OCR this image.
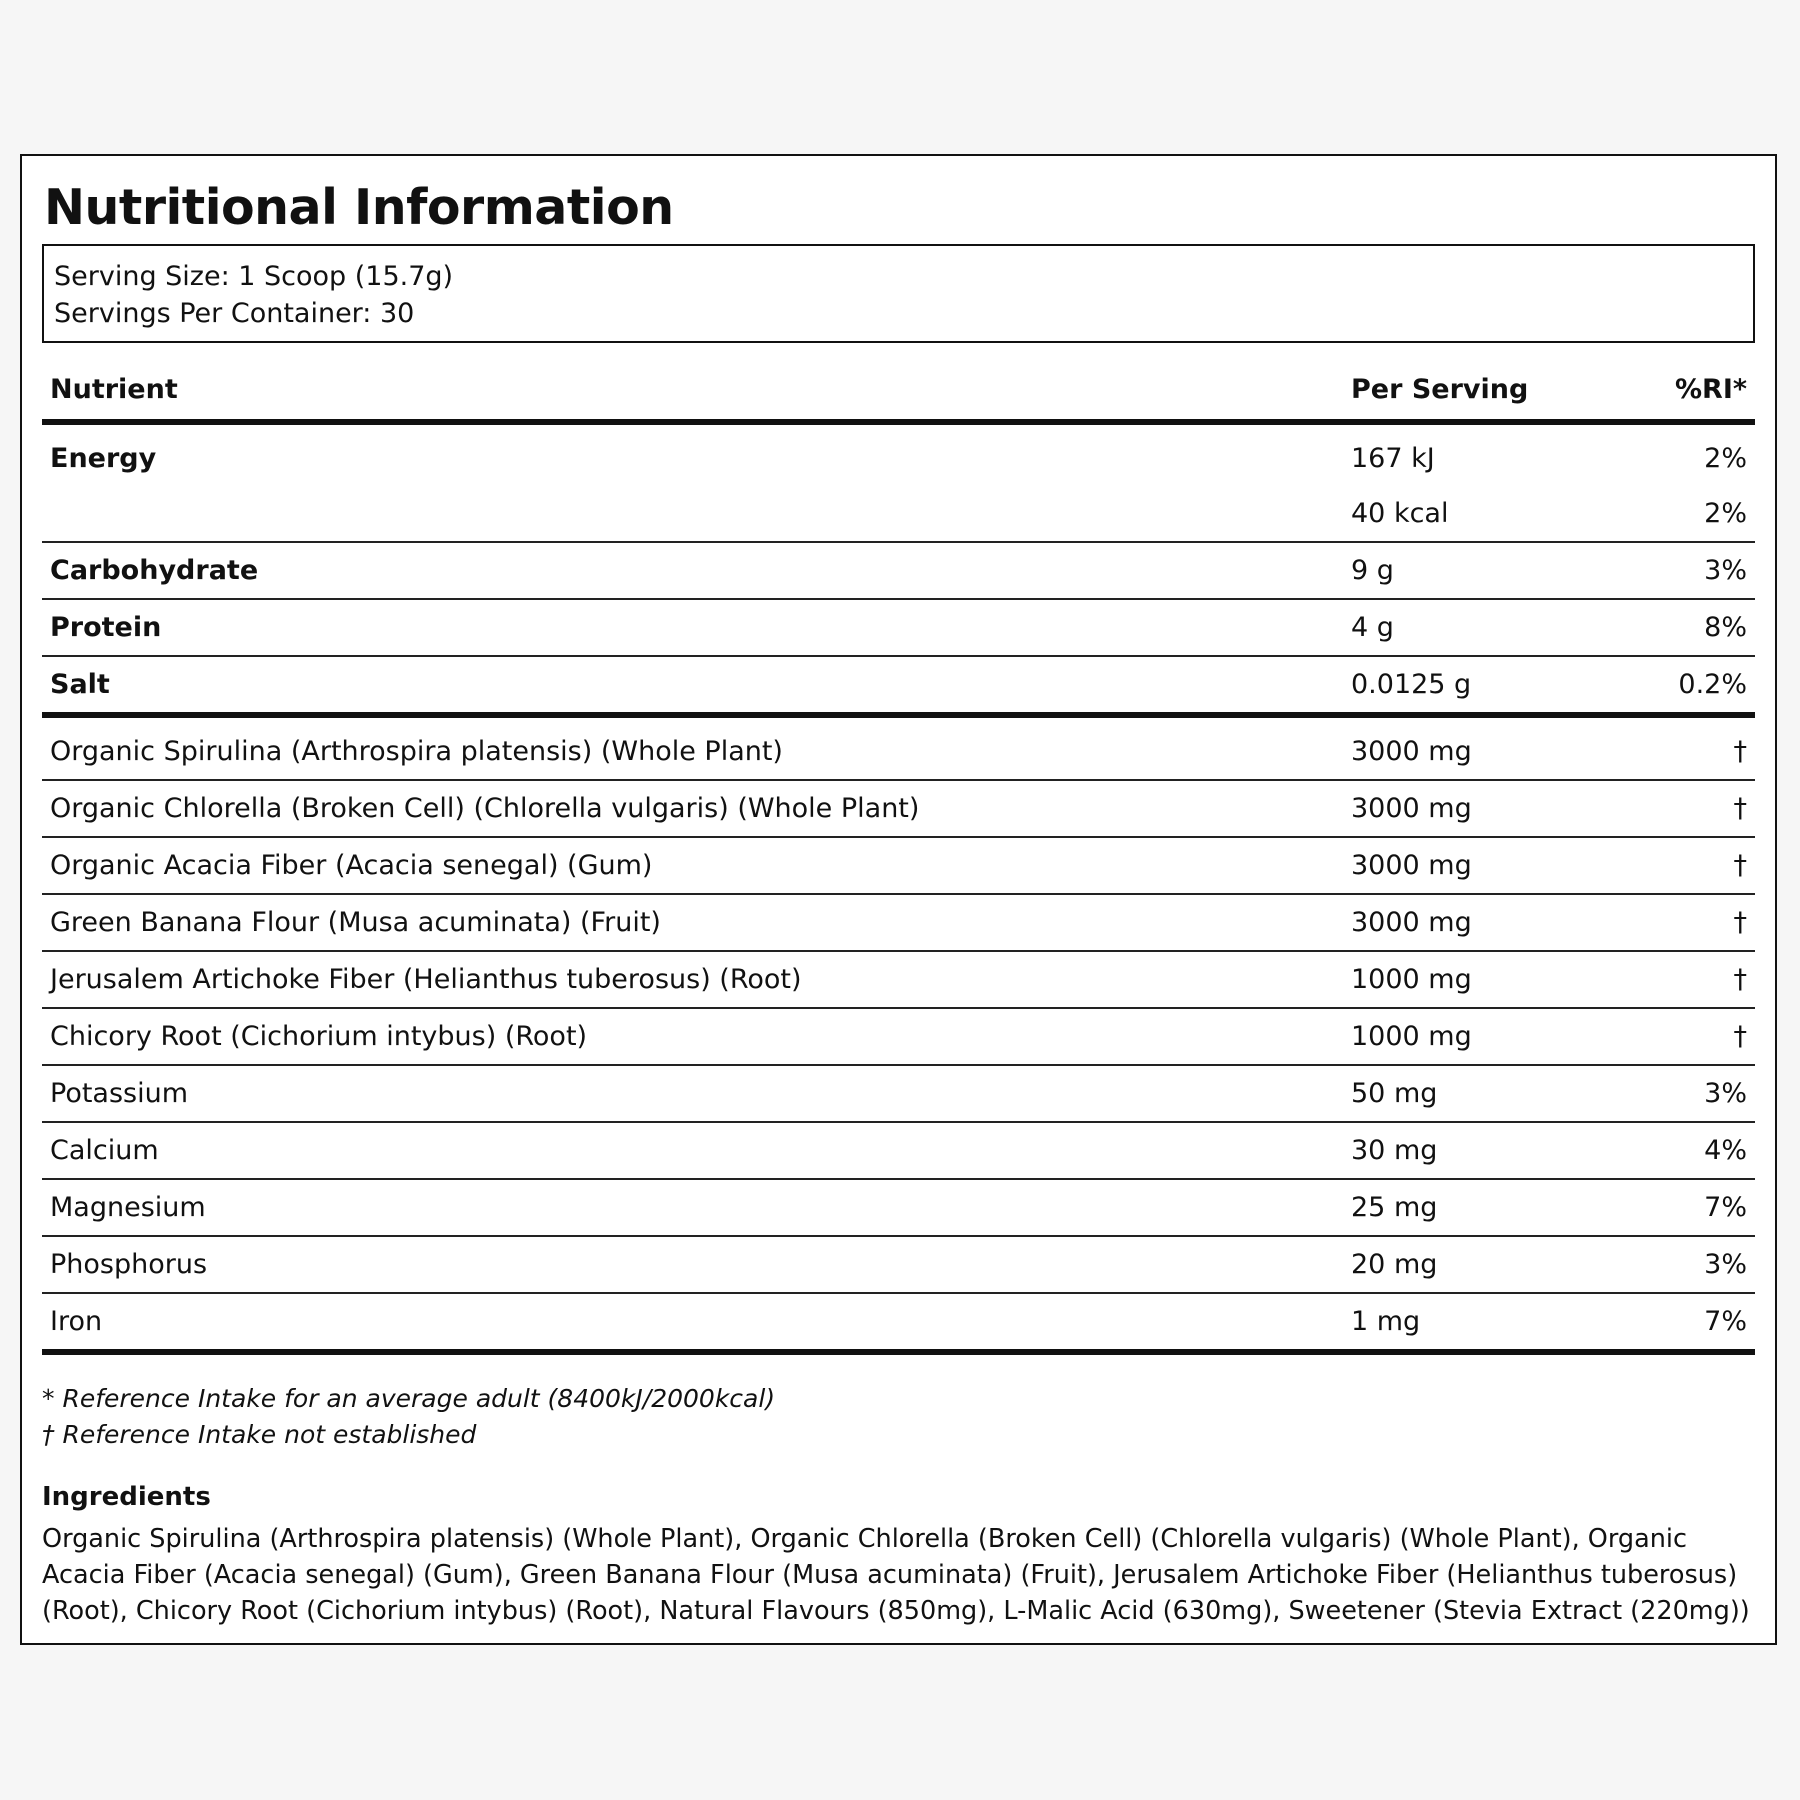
Nutritional Information
Serving Size: 1 Scoop (15.7g)
Servings Per Container: 30
Nutrient	Per Serving	%RI*
Energy	167 kJ	2%
	40 kcal	2%
Carbohydrate	9 g	3%
Protein	4 g	8%
Salt	0.0125 g	0.2%
Organic Spirulina (Arthrospira platensis) (Whole Plant)	3000 mg	†
Organic Chlorella (Broken Cell) (Chlorella vulgaris) (Whole Plant)	3000 mg	†
Organic Acacia Fiber (Acacia senegal) (Gum)	3000 mg	†
Green Banana Flour (Musa acuminata) (Fruit)	3000 mg	†
Jerusalem Artichoke Fiber (Helianthus tuberosus) (Root)	1000 mg	†
Chicory Root (Cichorium intybus) (Root)	1000 mg	†
Potassium	50 mg	3%
Calcium	30 mg	4%
Magnesium	25 mg	7%
Phosphorus	20 mg	3%
Iron	1 mg	7%
* Reference Intake for an average adult (8400kJ/2000kcal)
† Reference Intake not established
Ingredients
Organic Spirulina (Arthrospira platensis) (Whole Plant), Organic Chlorella (Broken Cell) (Chlorella vulgaris) (Whole Plant), Organic Acacia Fiber (Acacia senegal) (Gum), Green Banana Flour (Musa acuminata) (Fruit), Jerusalem Artichoke Fiber (Helianthus tuberosus) (Root), Chicory Root (Cichorium intybus) (Root), Natural Flavours (850mg), L-Malic Acid (630mg), Sweetener (Stevia Extract (220mg))
